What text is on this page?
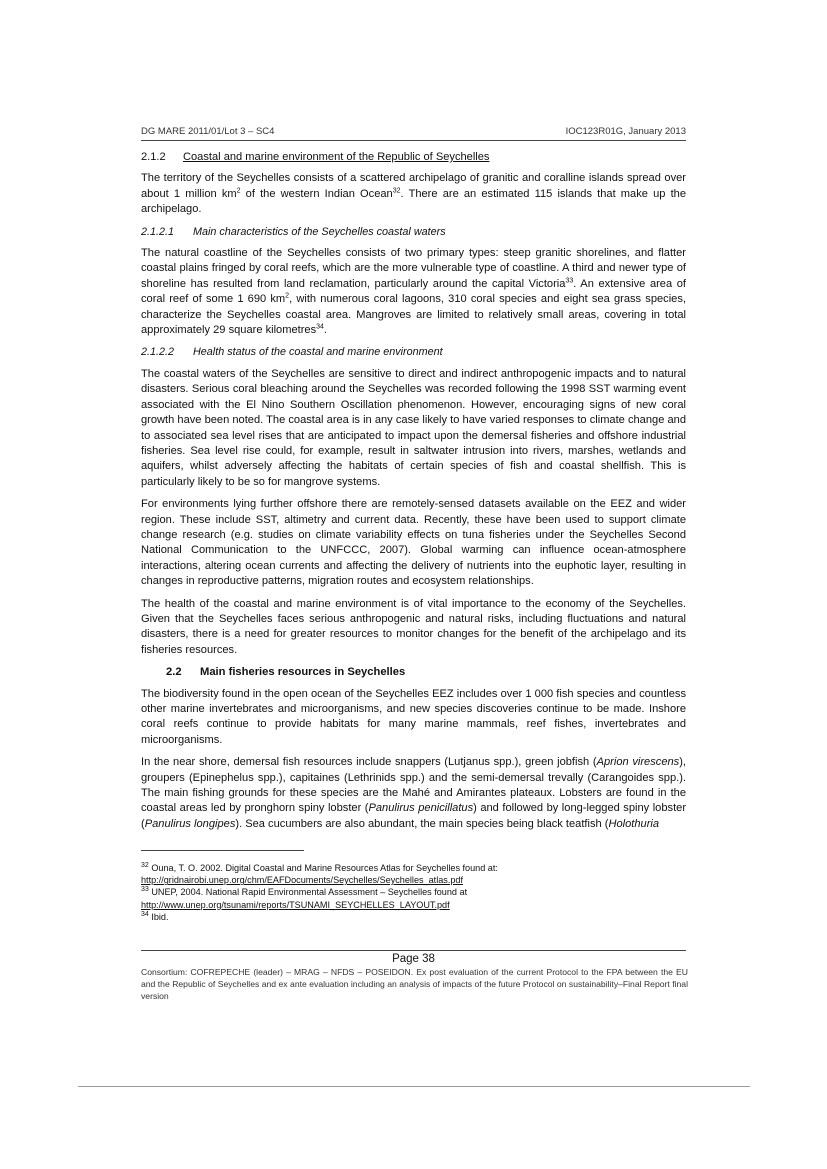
DG MARE 2011/01/Lot 3 – SC4	IOC123R01G, January 2013
2.1.2 Coastal and marine environment of the Republic of Seychelles

The territory of the Seychelles consists of a scattered archipelago of granitic and coralline islands spread over about 1 million $km^2$ of the western Indian Ocean$^{32}$. There are an estimated 115 islands that make up the archipelago.

2.1.2.1 Main characteristics of the Seychelles coastal waters

The natural coastline of the Seychelles consists of two primary types: steep granitic shorelines, and flatter coastal plains fringed by coral reefs, which are the more vulnerable type of coastline. A third and newer type of shoreline has resulted from land reclamation, particularly around the capital Victoria$^{33}$. An extensive area of coral reef of some 1 690 $km^2$, with numerous coral lagoons, 310 coral species and eight sea grass species, characterize the Seychelles coastal area. Mangroves are limited to relatively small areas, covering in total approximately 29 square kilometres$^{34}$.

2.1.2.2 Health status of the coastal and marine environment

The coastal waters of the Seychelles are sensitive to direct and indirect anthropogenic impacts and to natural disasters. Serious coral bleaching around the Seychelles was recorded following the 1998 SST warming event associated with the El Nino Southern Oscillation phenomenon. However, encouraging signs of new coral growth have been noted. The coastal area is in any case likely to have varied responses to climate change and to associated sea level rises that are anticipated to impact upon the demersal fisheries and offshore industrial fisheries. Sea level rise could, for example, result in saltwater intrusion into rivers, marshes, wetlands and aquifers, whilst adversely affecting the habitats of certain species of fish and coastal shellfish. This is particularly likely to be so for mangrove systems.

For environments lying further offshore there are remotely-sensed datasets available on the EEZ and wider region. These include SST, altimetry and current data. Recently, these have been used to support climate change research (e.g. studies on climate variability effects on tuna fisheries under the Seychelles Second National Communication to the UNFCCC, 2007). Global warming can influence ocean-atmosphere interactions, altering ocean currents and affecting the delivery of nutrients into the euphotic layer, resulting in changes in reproductive patterns, migration routes and ecosystem relationships.

The health of the coastal and marine environment is of vital importance to the economy of the Seychelles. Given that the Seychelles faces serious anthropogenic and natural risks, including fluctuations and natural disasters, there is a need for greater resources to monitor changes for the benefit of the archipelago and its fisheries resources.

2.2 Main fisheries resources in Seychelles

The biodiversity found in the open ocean of the Seychelles EEZ includes over 1 000 fish species and countless other marine invertebrates and microorganisms, and new species discoveries continue to be made. Inshore coral reefs continue to provide habitats for many marine mammals, reef fishes, invertebrates and microorganisms.

In the near shore, demersal fish resources include snappers (Lutjanus spp.), green jobfish (Aprion virescens), groupers (Epinephelus spp.), capitaines (Lethrinids spp.) and the semi-demersal trevally (Carangoides spp.). The main fishing grounds for these species are the Mahé and Amirantes plateaux. Lobsters are found in the coastal areas led by pronghorn spiny lobster (Panulirus penicillatus) and followed by long-legged spiny lobster (Panulirus longipes). Sea cucumbers are also abundant, the main species being black teatfish (Holothuria

$^{32}$ Ouna, T. O. 2002. Digital Coastal and Marine Resources Atlas for Seychelles found at:

http://gridnairobi.unep.org/chm/EAFDocuments/Seychelles/Seychelles_atlas.pdf

$^{33}$ UNEP, 2004. National Rapid Environmental Assessment – Seychelles found at

http://www.unep.org/tsunami/reports/TSUNAMI_SEYCHELLES_LAYOUT.pdf

$^{34}$ Ibid.

Page 38
Consortium: COFREPECHE (leader) – MRAG – NFDS – POSEIDON. Ex post evaluation of the current Protocol to the FPA between the EU and the Republic of Seychelles and ex ante evaluation including an analysis of impacts of the future Protocol on sustainability–Final Report final version
